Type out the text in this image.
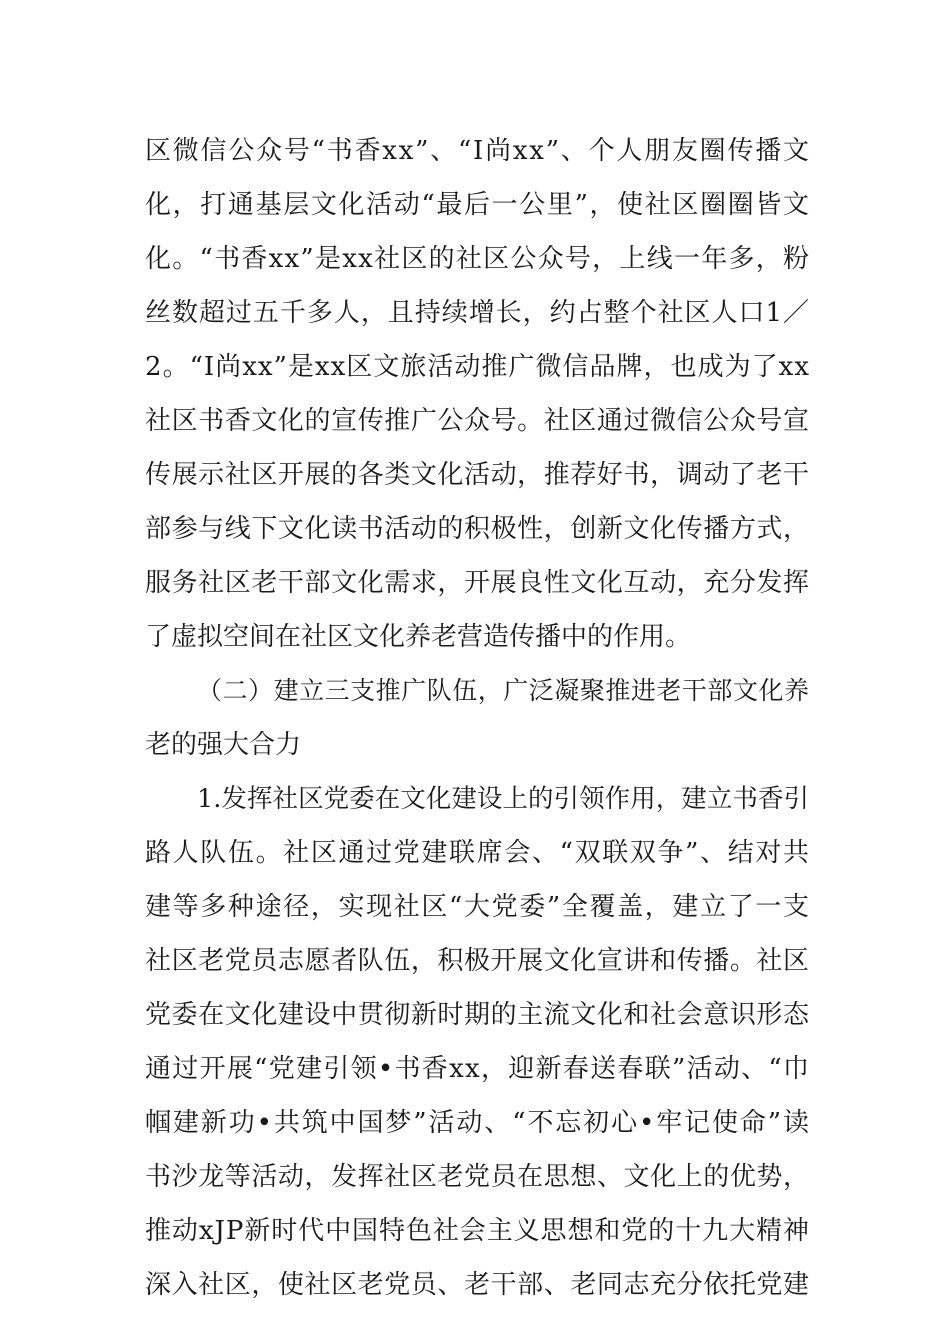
区微信公众号“书香xx”、“I尚xx”、个人朋友圈传播文
化，打通基层文化活动“最后一公里”，使社区圈圈皆文
化。“书香xx”是xx社区的社区公众号，上线一年多，粉
丝数超过五千多人，且持续增长，约占整个社区人口1／
2。“I尚xx”是xx区文旅活动推广微信品牌，也成为了xx
社区书香文化的宣传推广公众号。社区通过微信公众号宣
传展示社区开展的各类文化活动，推荐好书，调动了老干
部参与线下文化读书活动的积极性，创新文化传播方式，
服务社区老干部文化需求，开展良性文化互动，充分发挥
了虚拟空间在社区文化养老营造传播中的作用。
（二）建立三支推广队伍，广泛凝聚推进老干部文化养
老的强大合力
1.发挥社区党委在文化建设上的引领作用，建立书香引
路人队伍。社区通过党建联席会、“双联双争”、结对共
建等多种途径，实现社区“大党委”全覆盖，建立了一支
社区老党员志愿者队伍，积极开展文化宣讲和传播。社区
党委在文化建设中贯彻新时期的主流文化和社会意识形态
通过开展“党建引领•书香xx，迎新春送春联”活动、“巾
帼建新功•共筑中国梦”活动、“不忘初心•牢记使命”读
书沙龙等活动，发挥社区老党员在思想、文化上的优势，
推动xJP新时代中国特色社会主义思想和党的十九大精神
深入社区，使社区老党员、老干部、老同志充分依托党建
